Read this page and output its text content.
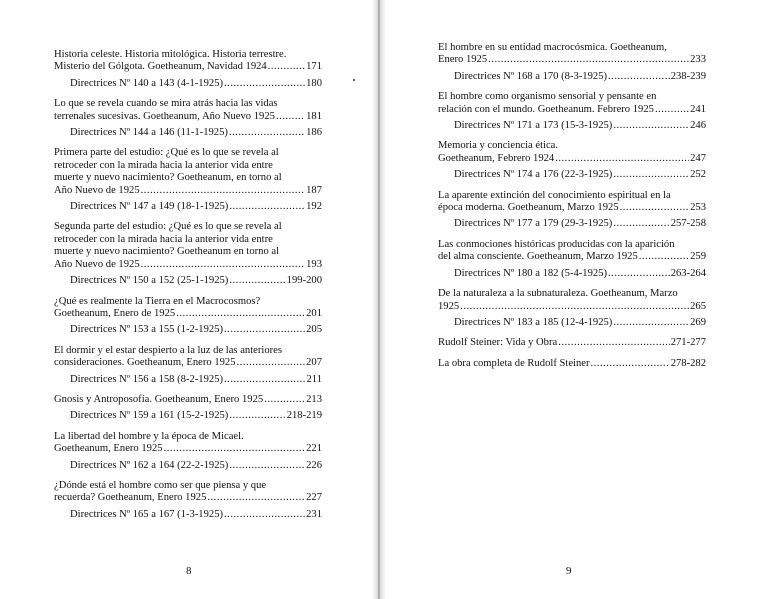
Historia celeste. Historia mitológica. Historia terrestre.
Misterio del Gólgota. Goetheanum, Navidad 1924 .....	171
Directrices Nº 140 a 143 (4-1-1925) .....	180
Lo que se revela cuando se mira atrás hacia las vidas
terrenales sucesivas. Goetheanum, Año Nuevo 1925 .....	181
Directrices Nº 144 a 146 (11-1-1925) .....	186
Primera parte del estudio: ¿Qué es lo que se revela al
retroceder con la mirada hacia la anterior vida entre
muerte y nuevo nacimiento? Goetheanum, en torno al
Año Nuevo de 1925 .....	187
Directrices Nº 147 a 149 (18-1-1925) .....	192
Segunda parte del estudio: ¿Qué es lo que se revela al
retroceder con la mirada hacia la anterior vida entre
muerte y nuevo nacimiento? Goetheanum en torno al
Año Nuevo de 1925 .....	193
Directrices Nº 150 a 152 (25-1-1925) .....	199-200
¿Qué es realmente la Tierra en el Macrocosmos?
Goetheanum, Enero de 1925 .....	201
Directrices Nº 153 a 155 (1-2-1925) .....	205
El dormir y el estar despierto a la luz de las anteriores
consideraciones. Goetheanum, Enero 1925 .....	207
Directrices Nº 156 a 158 (8-2-1925) .....	211
Gnosis y Antroposofía. Goetheanum, Enero 1925 .....	213
Directrices Nº 159 a 161 (15-2-1925) .....	218-219
La libertad del hombre y la época de Micael.
Goetheanum, Enero 1925 .....	221
Directrices Nº 162 a 164 (22-2-1925) .....	226
¿Dónde está el hombre como ser que piensa y que
recuerda? Goetheanum, Enero 1925 .....	227
Directrices Nº 165 a 167 (1-3-1925) .....	231
8
El hombre en su entidad macrocósmica. Goetheanum,
Enero 1925 .....	233
Directrices Nº 168 a 170 (8-3-1925) .....	238-239
El hombre como organismo sensorial y pensante en
relación con el mundo. Goetheanum. Febrero 1925 .....	241
Directrices Nº 171 a 173 (15-3-1925) .....	246
Memoria y conciencia ética.
Goetheanum, Febrero 1924 .....	247
Directrices Nº 174 a 176 (22-3-1925) .....	252
La aparente extinción del conocimiento espiritual en la
época moderna. Goetheanum, Marzo 1925 .....	253
Directrices Nº 177 a 179 (29-3-1925) .....	257-258
Las conmociones históricas producidas con la aparición
del alma consciente. Goetheanum, Marzo 1925 .....	259
Directrices Nº 180 a 182 (5-4-1925) .....	263-264
De la naturaleza a la subnaturaleza. Goetheanum, Marzo
1925 .....	265
Directrices Nº 183 a 185 (12-4-1925) .....	269
Rudolf Steiner: Vida y Obra .....	271-277
La obra completa de Rudolf Steiner .....	278-282
9
